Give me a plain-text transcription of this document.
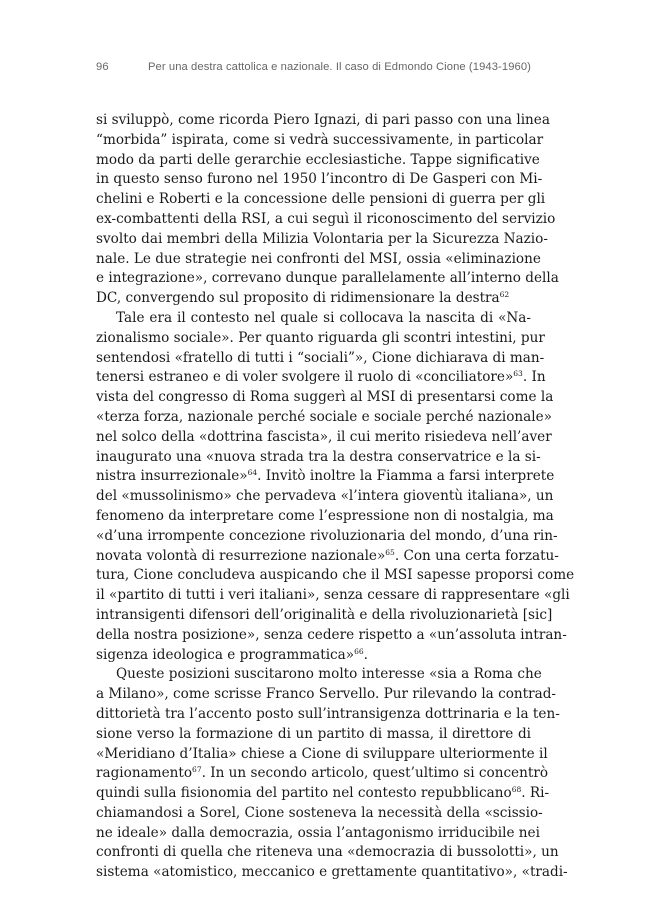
96	Per una destra cattolica e nazionale. Il caso di Edmondo Cione (1943-1960)
si sviluppò, come ricorda Piero Ignazi, di pari passo con una linea
“morbida” ispirata, come si vedrà successivamente, in particolar
modo da parti delle gerarchie ecclesiastiche. Tappe significative
in questo senso furono nel 1950 l’incontro di De Gasperi con Mi-
chelini e Roberti e la concessione delle pensioni di guerra per gli
ex-combattenti della RSI, a cui seguì il riconoscimento del servizio
svolto dai membri della Milizia Volontaria per la Sicurezza Nazio-
nale. Le due strategie nei confronti del MSI, ossia «eliminazione
e integrazione», correvano dunque parallelamente all’interno della
DC, convergendo sul proposito di ridimensionare la destra$^{62}$
Tale era il contesto nel quale si collocava la nascita di «Na-
zionalismo sociale». Per quanto riguarda gli scontri intestini, pur
sentendosi «fratello di tutti i “sociali”», Cione dichiarava di man-
tenersi estraneo e di voler svolgere il ruolo di «conciliatore»$^{63}$. In
vista del congresso di Roma suggerì al MSI di presentarsi come la
«terza forza, nazionale perché sociale e sociale perché nazionale»
nel solco della «dottrina fascista», il cui merito risiedeva nell’aver
inaugurato una «nuova strada tra la destra conservatrice e la si-
nistra insurrezionale»$^{64}$. Invitò inoltre la Fiamma a farsi interprete
del «mussolinismo» che pervadeva «l’intera gioventù italiana», un
fenomeno da interpretare come l’espressione non di nostalgia, ma
«d’una irrompente concezione rivoluzionaria del mondo, d’una rin-
novata volontà di resurrezione nazionale»$^{65}$. Con una certa forzatu-
tura, Cione concludeva auspicando che il MSI sapesse proporsi come
il «partito di tutti i veri italiani», senza cessare di rappresentare «gli
intransigenti difensori dell’originalità e della rivoluzionarietà [sic]
della nostra posizione», senza cedere rispetto a «un’assoluta intran-
sigenza ideologica e programmatica»$^{66}$.
Queste posizioni suscitarono molto interesse «sia a Roma che
a Milano», come scrisse Franco Servello. Pur rilevando la contrad-
dittorietà tra l’accento posto sull’intransigenza dottrinaria e la ten-
sione verso la formazione di un partito di massa, il direttore di
«Meridiano d’Italia» chiese a Cione di sviluppare ulteriormente il
ragionamento$^{67}$. In un secondo articolo, quest’ultimo si concentrò
quindi sulla fisionomia del partito nel contesto repubblicano$^{68}$. Ri-
chiamandosi a Sorel, Cione sosteneva la necessità della «scissio-
ne ideale» dalla democrazia, ossia l’antagonismo irriducibile nei
confronti di quella che riteneva una «democrazia di bussolotti», un
sistema «atomistico, meccanico e grettamente quantitativo», «tradi-
